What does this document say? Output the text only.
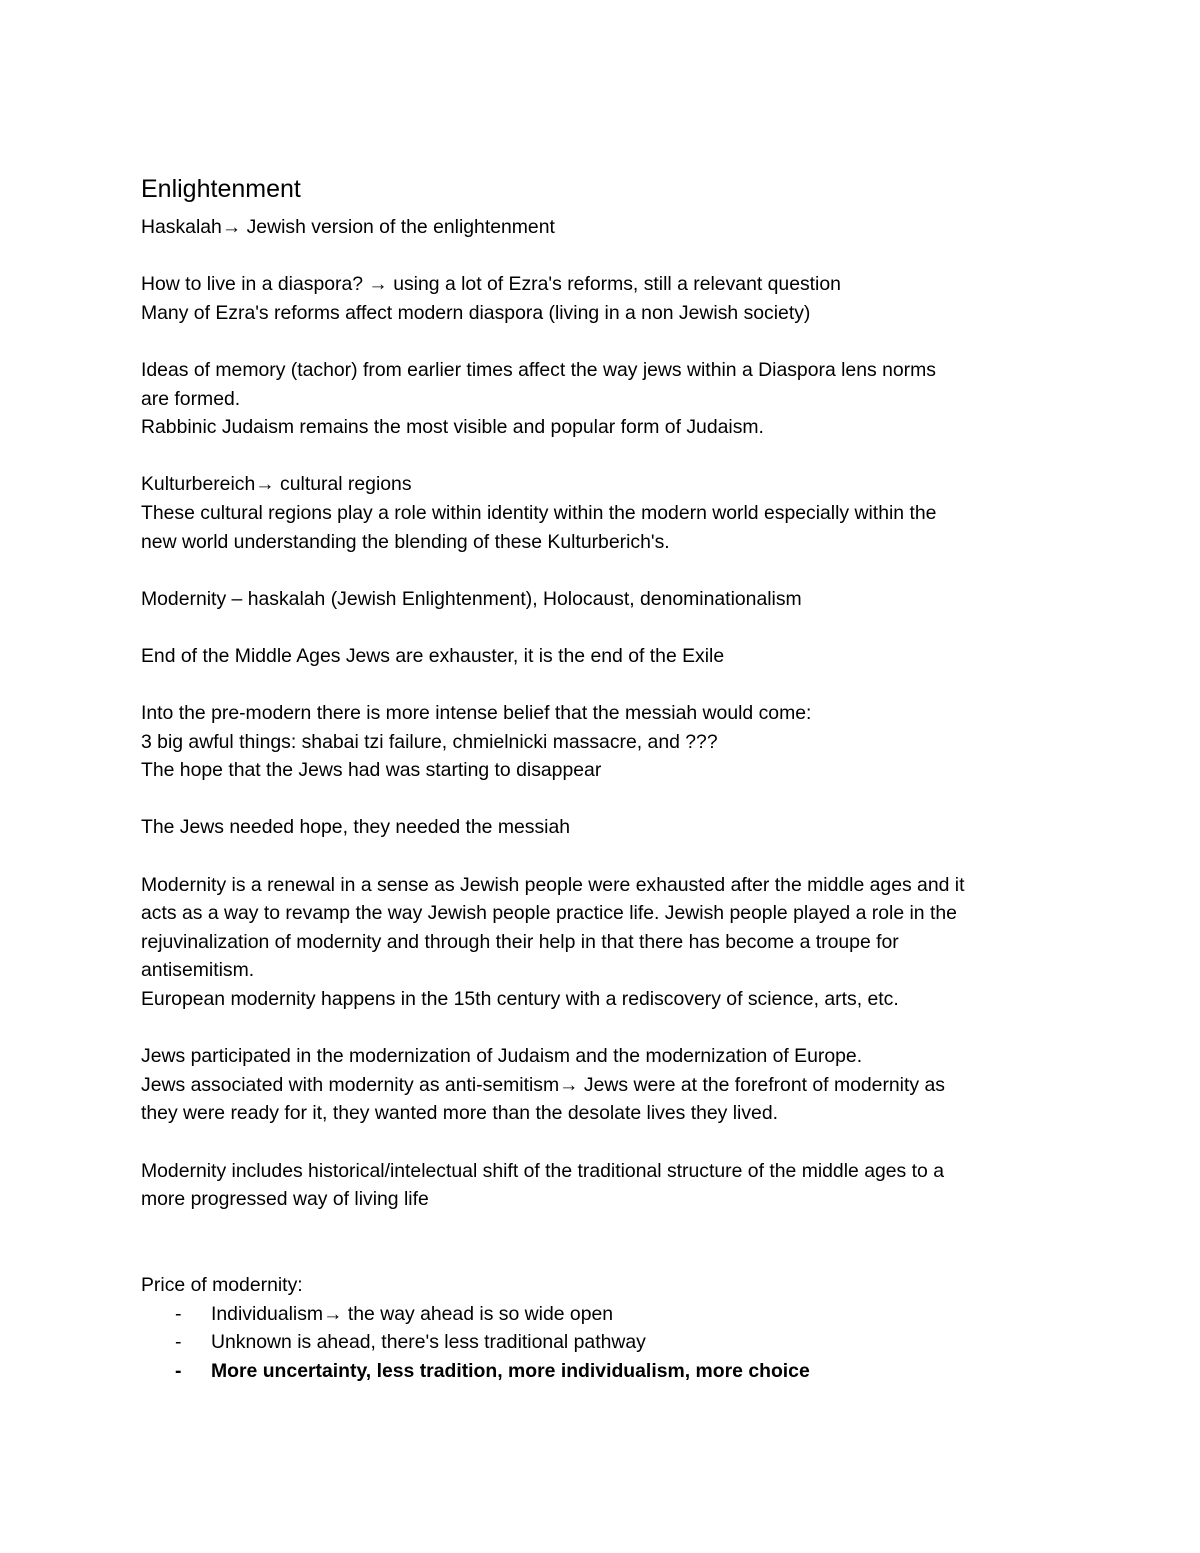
Enlightenment
Haskalah→ Jewish version of the enlightenment
How to live in a diaspora? → using a lot of Ezra's reforms, still a relevant question
Many of Ezra's reforms affect modern diaspora (living in a non Jewish society)
Ideas of memory (tachor) from earlier times affect the way jews within a Diaspora lens norms
are formed.
Rabbinic Judaism remains the most visible and popular form of Judaism.
Kulturbereich→ cultural regions
These cultural regions play a role within identity within the modern world especially within the
new world understanding the blending of these Kulturberich's.
Modernity – haskalah (Jewish Enlightenment), Holocaust, denominationalism
End of the Middle Ages Jews are exhauster, it is the end of the Exile
Into the pre-modern there is more intense belief that the messiah would come:
3 big awful things: shabai tzi failure, chmielnicki massacre, and ???
The hope that the Jews had was starting to disappear
The Jews needed hope, they needed the messiah
Modernity is a renewal in a sense as Jewish people were exhausted after the middle ages and it
acts as a way to revamp the way Jewish people practice life. Jewish people played a role in the
rejuvinalization of modernity and through their help in that there has become a troupe for
antisemitism.
European modernity happens in the 15th century with a rediscovery of science, arts, etc.
Jews participated in the modernization of Judaism and the modernization of Europe.
Jews associated with modernity as anti-semitism→ Jews were at the forefront of modernity as
they were ready for it, they wanted more than the desolate lives they lived.
Modernity includes historical/intelectual shift of the traditional structure of the middle ages to a
more progressed way of living life
Price of modernity:
- Individualism→ the way ahead is so wide open
- Unknown is ahead, there's less traditional pathway
- More uncertainty, less tradition, more individualism, more choice
